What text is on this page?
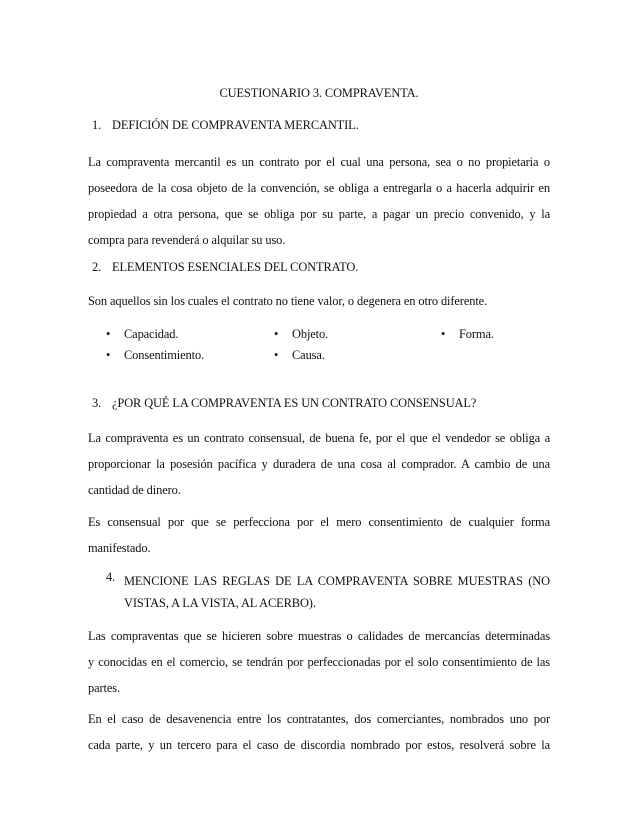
CUESTIONARIO 3. COMPRAVENTA.
1. DEFICIÓN DE COMPRAVENTA MERCANTIL.
La compraventa mercantil es un contrato por el cual una persona, sea o no propietaria o
poseedora de la cosa objeto de la convención, se obliga a entregarla o a hacerla adquirir en
propiedad a otra persona, que se obliga por su parte, a pagar un precio convenido, y la
compra para revenderá o alquilar su uso.
2. ELEMENTOS ESENCIALES DEL CONTRATO.
Son aquellos sin los cuales el contrato no tiene valor, o degenera en otro diferente.
• Capacidad.	• Objeto.	• Forma.
• Consentimiento.	• Causa.
3. ¿POR QUÉ LA COMPRAVENTA ES UN CONTRATO CONSENSUAL?
La compraventa es un contrato consensual, de buena fe, por el que el vendedor se obliga a
proporcionar la posesión pacífica y duradera de una cosa al comprador. A cambio de una
cantidad de dinero.
Es consensual por que se perfecciona por el mero consentimiento de cualquier forma
manifestado.
4. MENCIONE LAS REGLAS DE LA COMPRAVENTA SOBRE MUESTRAS (NO
VISTAS, A LA VISTA, AL ACERBO).
Las compraventas que se hicieren sobre muestras o calidades de mercancías determinadas
y conocidas en el comercio, se tendrán por perfeccionadas por el solo consentimiento de las
partes.
En el caso de desavenencia entre los contratantes, dos comerciantes, nombrados uno por
cada parte, y un tercero para el caso de discordia nombrado por estos, resolverá sobre la
